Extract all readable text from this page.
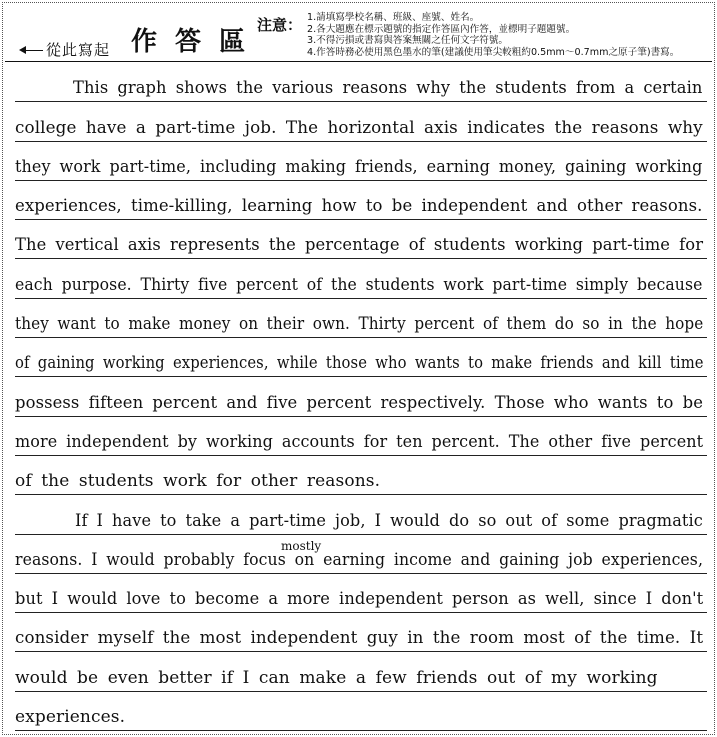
從此寫起 作答區
注意： 1.請填寫學校名稱、班級、座號、姓名。
2.各大題應在標示題號的指定作答區內作答，並標明子題題號。
3.不得污損或書寫與答案無關之任何文字符號。
4.作答時務必使用黑色墨水的筆(建議使用筆尖較粗約0.5mm～0.7mm之原子筆)書寫。
This graph shows the various reasons why the students from a certain
college have a part-time job. The horizontal axis indicates the reasons why
they work part-time, including making friends, earning money, gaining working
experiences, time-killing, learning how to be independent and other reasons.
The vertical axis represents the percentage of students working part-time for
each purpose. Thirty five percent of the students work part-time simply because
they want to make money on their own. Thirty percent of them do so in the hope
of gaining working experiences, while those who wants to make friends and kill time
possess fifteen percent and five percent respectively. Those who wants to be
more independent by working accounts for ten percent. The other five percent
of the students work for other reasons.
If I have to take a part-time job, I would do so out of some pragmatic
reasons. I would probably focus on earning income and gaining job experiences,
but I would love to become a more independent person as well, since I don't
consider myself the most independent guy in the room most of the time. It
would be even better if I can make a few friends out of my working
experiences.
mostly
